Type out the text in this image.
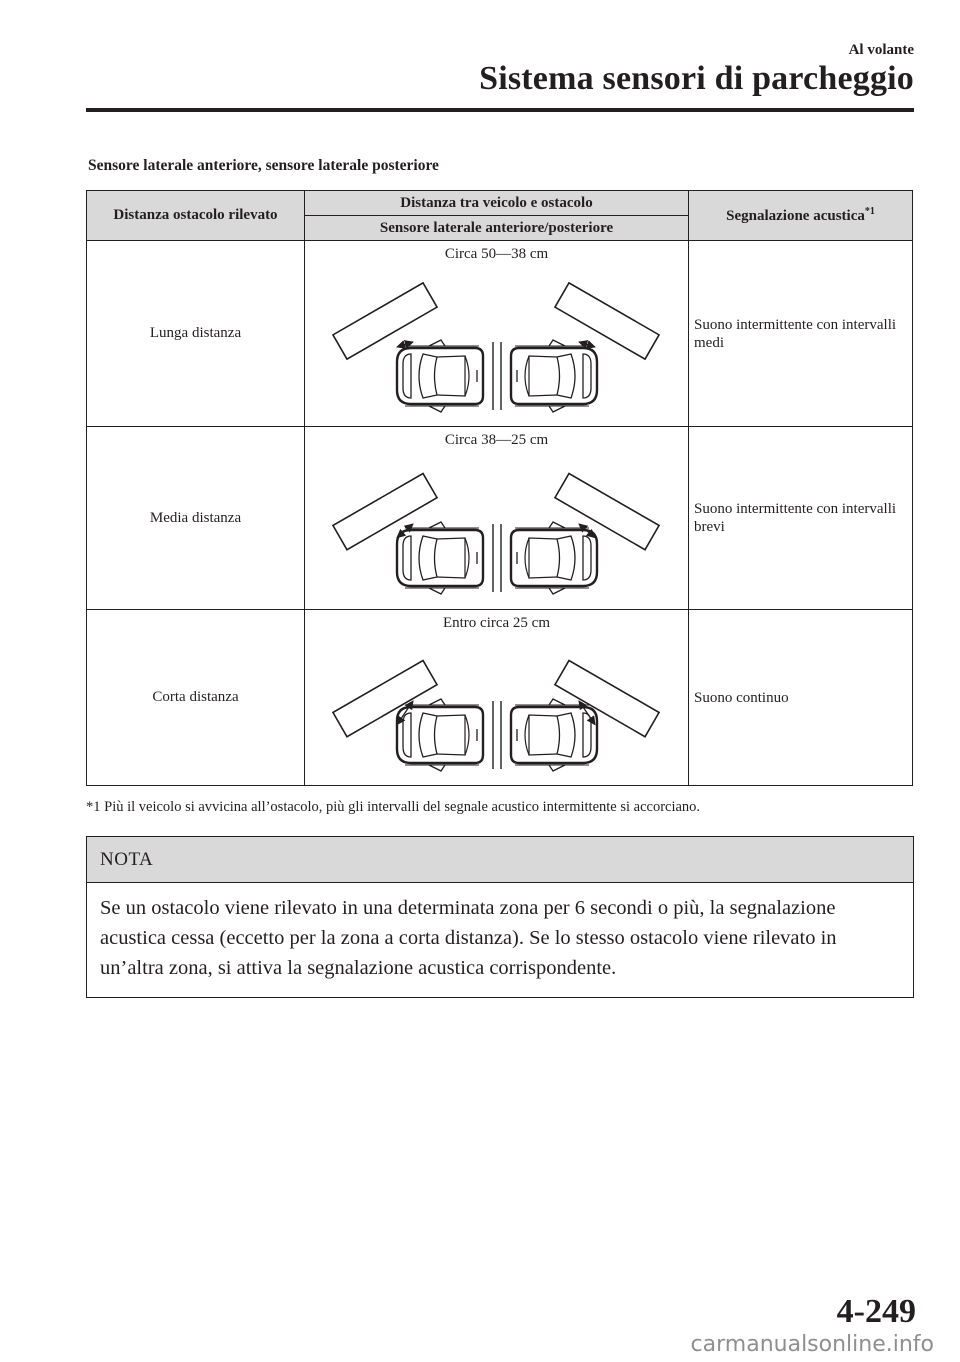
Al volante
Sistema sensori di parcheggio
Sensore laterale anteriore, sensore laterale posteriore
Distanza ostacolo rilevato	Distanza tra veicolo e ostacolo	Segnalazione acustica$^{*1}$
	Sensore laterale anteriore/posteriore	
Lunga distanza	Circa 50—38 cm	Suono intermittente con intervalli medi
Media distanza	Circa 38—25 cm	Suono intermittente con intervalli brevi
Corta distanza	Entro circa 25 cm	Suono continuo
*1 Più il veicolo si avvicina all’ostacolo, più gli intervalli del segnale acustico intermittente si accorciano.
NOTA
Se un ostacolo viene rilevato in una determinata zona per 6 secondi o più, la segnalazione acustica cessa (eccetto per la zona a corta distanza). Se lo stesso ostacolo viene rilevato in un’altra zona, si attiva la segnalazione acustica corrispondente.
4-249
carmanualsonline.info
